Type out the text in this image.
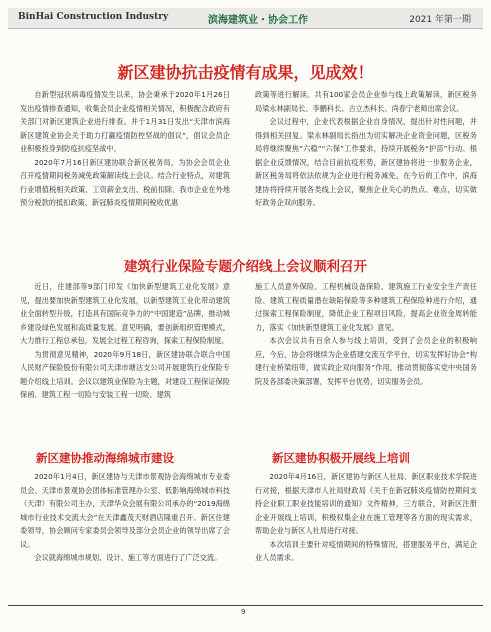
BinHai Construction Industry	滨海建筑业・协会工作	2021 年第一期
新区建协抗击疫情有成果，见成效！

自新型冠状病毒疫情发生以来，协会秉承于2020年1月26日发出疫情排查通知，收集会员企业疫情相关情况，积极配合政府有关部门对新区建筑企业进行排查。并于1月31日发出“天津市滨海新区建筑业协会关于助力打赢疫情防控坚战的倡议”，倡议会员企业积极投身到防疫抗疫坚战中。

2020年7月16日新区建协联合新区税务局，为协会会员企业召开疫情期间税务减免政策解读线上会议。结合行业特点，对建筑行业增值税相关政策、工资薪金支出、税前扣除、我市企业在外地预分税款的抵扣政策、新冠肺炎疫情期间税收优惠

政策等进行解读。共有100家会员企业参与线上政策解读，新区税务局梁永林副局长、李鹏科长、古立杰科长、尚春宁老师出席会议。

会议过程中，企业代表根据企业自身情况，提出针对性问题，并得到相关回复。梁永林副局长指出为切实解决企业资金问题，区税务局将继续聚焦“六稳”“六保”工作要求，持续开展税务“护苗”行动。根据企业反馈情况，结合目前抗疫形势，新区建协将进一步服务企业，新区税务局将依法依规为企业进行税务减免。在今后的工作中，滨海建协将持续开展各类线上会议，聚焦企业关心的热点、难点，切实做好政务企双向服务。

建筑行业保险专题介绍线上会议顺利召开

近日，住建部等9部门印发《加快新型建筑工业化发展》意见，提出要加快新型建筑工业化发展，以新型建筑工业化带动建筑业全面转型升级，打造具有国际竞争力的“中国建造”品牌，推动城乡建设绿色发展和高质量发展。意见明确，要创新组织管理模式，大力推行工程总承包，发展全过程工程咨询，探索工程保险制度。

为贯彻意见精神，2020年9月18日，新区建协联合联合中国人民财产保险股份有限公司天津市塘沽支公司开展建筑行业保险专题介绍线上培训。会议以建筑业保险为主题，对建设工程保证保险保函、建筑工程一切险与安装工程一切险、建筑

施工人员意外保险、工程机械设备保险、建筑施工行业安全生产责任险、建筑工程质量潜在缺陷保险等多种建筑工程保险种进行介绍，通过探索工程保险制度，降低企业工程项目风险，提高企业资金周转能力，落实《加快新型建筑工业化发展》意见。

本次会议共有百余人参与线上培训，受到了会员企业的积极响应，今后，协会将继续为企业搭建交流互学平台，切实发挥好协会“构建行业桥梁纽带，做实政企双向服务”作用，推动贯彻落实党中央国务院及各部委决策部署，发挥平台优势，切实服务会员。

新区建协推动海绵城市建设

2020年1月4日，新区建协与天津市景观协会海绵城市专业委员会、天津市景观协会团体标准管理办公室、低影响海绵城市科技（天津）有限公司主办，天津华众会展有限公司承办的“2019海绵城市行业技术交流大会”在天津鑫茂天财酒店隆重召开。新区住建委领导，协会顾问专家委员会领导及部分会员企业的领导出席了会议。

会议就海绵城市规划、设计、施工等方面进行了广泛交流。

新区建协积极开展线上培训

2020年4月16日，新区建协与新区人社局、新区职业技术学院进行对接，根据天津市人社局财政局《关于在新冠肺炎疫情防控期间支持企业职工职业技能培训的通知》文件精神，三方联合，对新区注册企业开展线上培训，积极权集企业在施工管理等各方面的现实需求，帮助企业与新区人社局进行对接。

本次培训主要针对疫情期间的特殊情况，搭建服务平台，满足企业人员需求。

9
